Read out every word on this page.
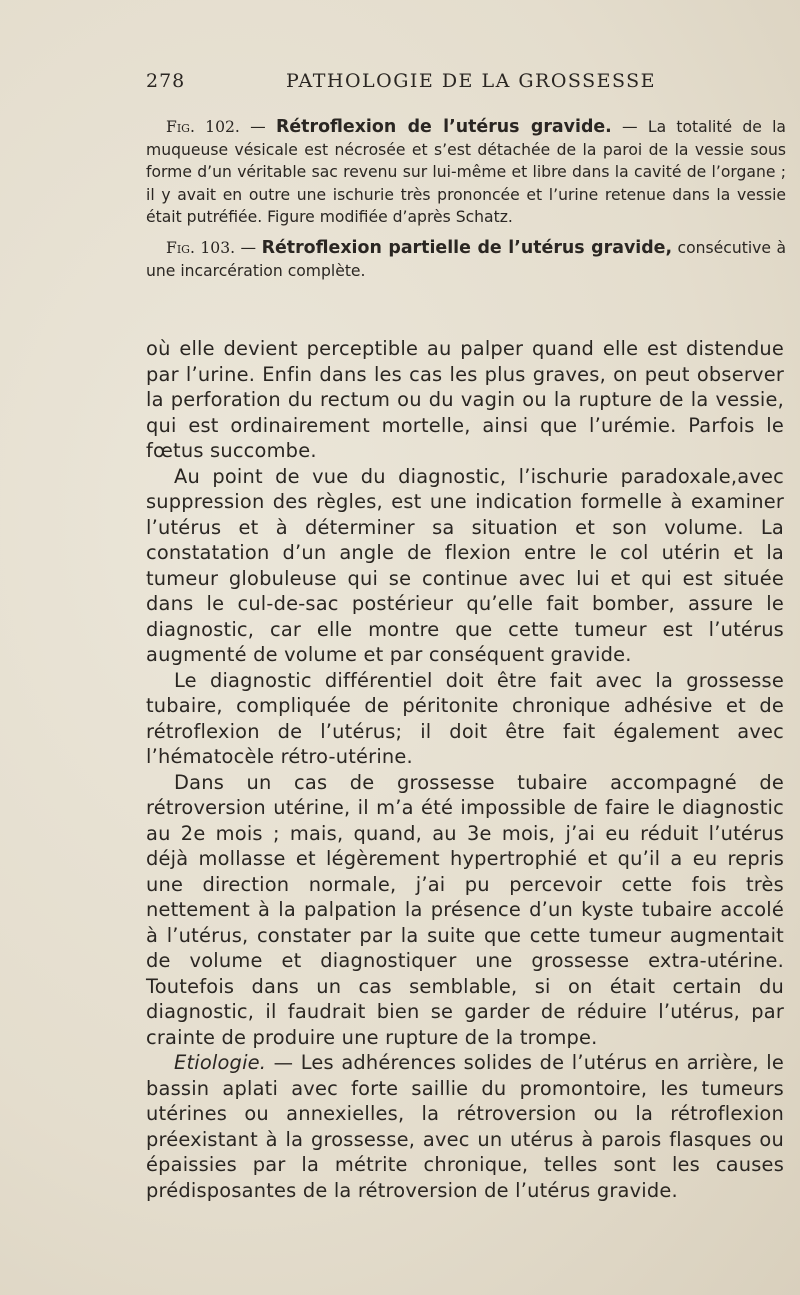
278	PATHOLOGIE DE LA GROSSESSE

Fig. 102. — Rétroflexion de l’utérus gravide. — La totalité de la muqueuse vésicale est nécrosée et s’est détachée de la paroi de la vessie sous forme d’un véritable sac revenu sur lui-même et libre dans la cavité de l’organe ; il y avait en outre une ischurie très prononcée et l’urine retenue dans la vessie était putréfiée. Figure modifiée d’après Schatz.

Fig. 103. — Rétroflexion partielle de l’utérus gravide, consécutive à une incarcération complète.

où elle devient perceptible au palper quand elle est distendue par l’urine. Enfin dans les cas les plus graves, on peut observer la perforation du rectum ou du vagin ou la rupture de la vessie, qui est ordinairement mortelle, ainsi que l’urémie. Parfois le fœtus succombe.

Au point de vue du diagnostic, l’ischurie paradoxale,avec suppression des règles, est une indication formelle à examiner l’utérus et à déterminer sa situation et son volume. La constatation d’un angle de flexion entre le col utérin et la tumeur globuleuse qui se continue avec lui et qui est située dans le cul-de-sac postérieur qu’elle fait bomber, assure le diagnostic, car elle montre que cette tumeur est l’utérus augmenté de volume et par conséquent gravide.

Le diagnostic différentiel doit être fait avec la grossesse tubaire, compliquée de péritonite chronique adhésive et de rétroflexion de l’utérus; il doit être fait également avec l’hématocèle rétro-utérine.

Dans un cas de grossesse tubaire accompagné de rétroversion utérine, il m’a été impossible de faire le diagnostic au 2e mois ; mais, quand, au 3e mois, j’ai eu réduit l’utérus déjà mollasse et légèrement hypertrophié et qu’il a eu repris une direction normale, j’ai pu percevoir cette fois très nettement à la palpation la présence d’un kyste tubaire accolé à l’utérus, constater par la suite que cette tumeur augmentait de volume et diagnostiquer une grossesse extra-utérine. Toutefois dans un cas semblable, si on était certain du diagnostic, il faudrait bien se garder de réduire l’utérus, par crainte de produire une rupture de la trompe.

Etiologie. — Les adhérences solides de l’utérus en arrière, le bassin aplati avec forte saillie du promontoire, les tumeurs utérines ou annexielles, la rétroversion ou la rétroflexion préexistant à la grossesse, avec un utérus à parois flasques ou épaissies par la métrite chronique, telles sont les causes prédisposantes de la rétroversion de l’utérus gravide.
